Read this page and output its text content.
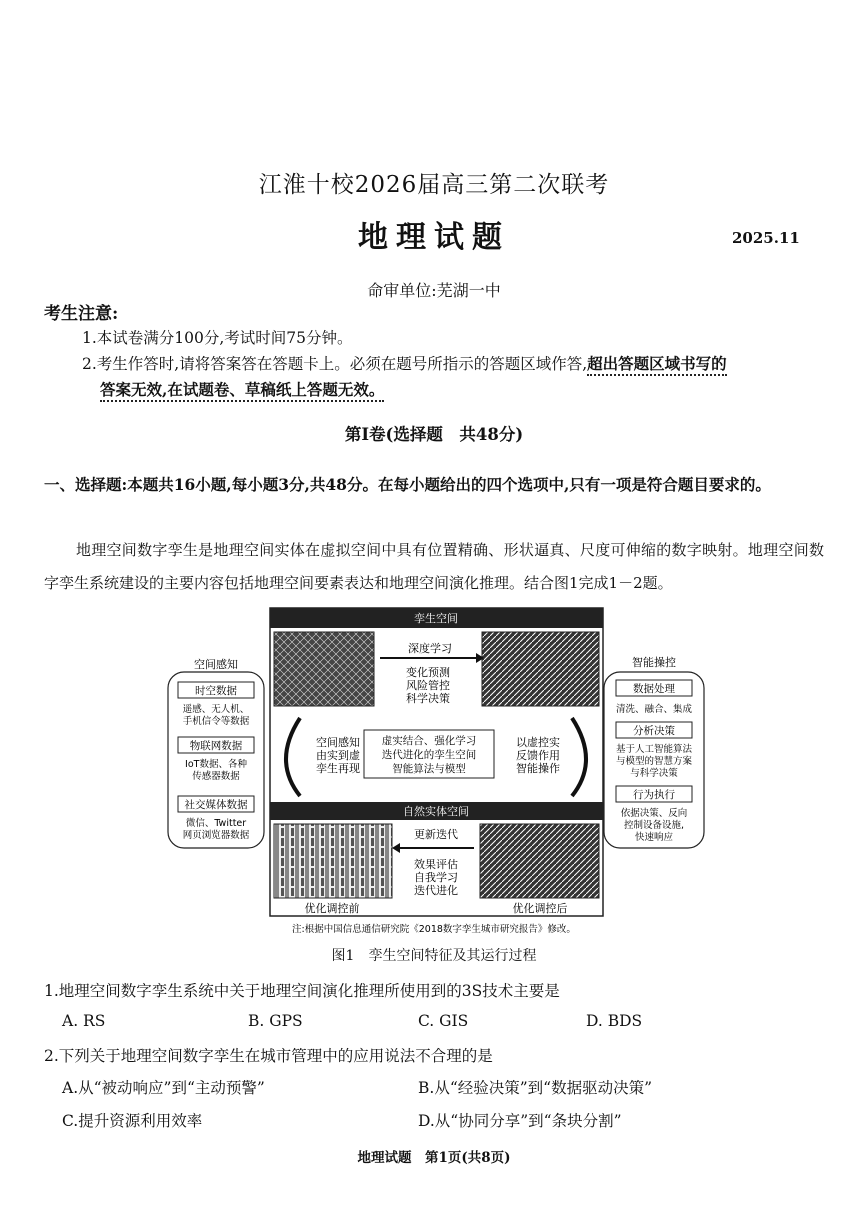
江淮十校2026届高三第二次联考
地理试题	2025.11
命审单位:芜湖一中
考生注意:
1.本试卷满分100分,考试时间75分钟。
2.考生作答时,请将答案答在答题卡上。必须在题号所指示的答题区域作答,超出答题区域书写的
答案无效,在试题卷、草稿纸上答题无效。
第Ⅰ卷(选择题　共48分)
一、选择题:本题共16小题,每小题3分,共48分。在每小题给出的四个选项中,只有一项是符合题目要求的。
地理空间数字孪生是地理空间实体在虚拟空间中具有位置精确、形状逼真、尺度可伸缩的数字映射。地理空间数字孪生系统建设的主要内容包括地理空间要素表达和地理空间演化推理。结合图1完成1－2题。
孪生空间
深度学习
变化预测
风险管控
科学决策
空间感知
由实到虚
孪生再现
虚实结合、强化学习
迭代进化的孪生空间
智能算法与模型
以虚控实
反馈作用
智能操作
自然实体空间
更新迭代
效果评估
自我学习
迭代进化
优化调控前	优化调控后
空间感知
时空数据
遥感、无人机、
手机信令等数据
物联网数据
IoT数据、各种
传感器数据
社交媒体数据
微信、Twitter
网页浏览器数据
智能操控
数据处理
清洗、融合、集成
分析决策
基于人工智能算法
与模型的智慧方案
与科学决策
行为执行
依据决策、反向
控制设备设施,
快速响应
注:根据中国信息通信研究院《2018数字孪生城市研究报告》修改。
图1　孪生空间特征及其运行过程
1.地理空间数字孪生系统中关于地理空间演化推理所使用到的3S技术主要是
A. RS	B. GPS	C. GIS	D. BDS
2.下列关于地理空间数字孪生在城市管理中的应用说法不合理的是
A.从“被动响应”到“主动预警”	B.从“经验决策”到“数据驱动决策”
C.提升资源利用效率	D.从“协同分享”到“条块分割”
地理试题　第1页(共8页)
